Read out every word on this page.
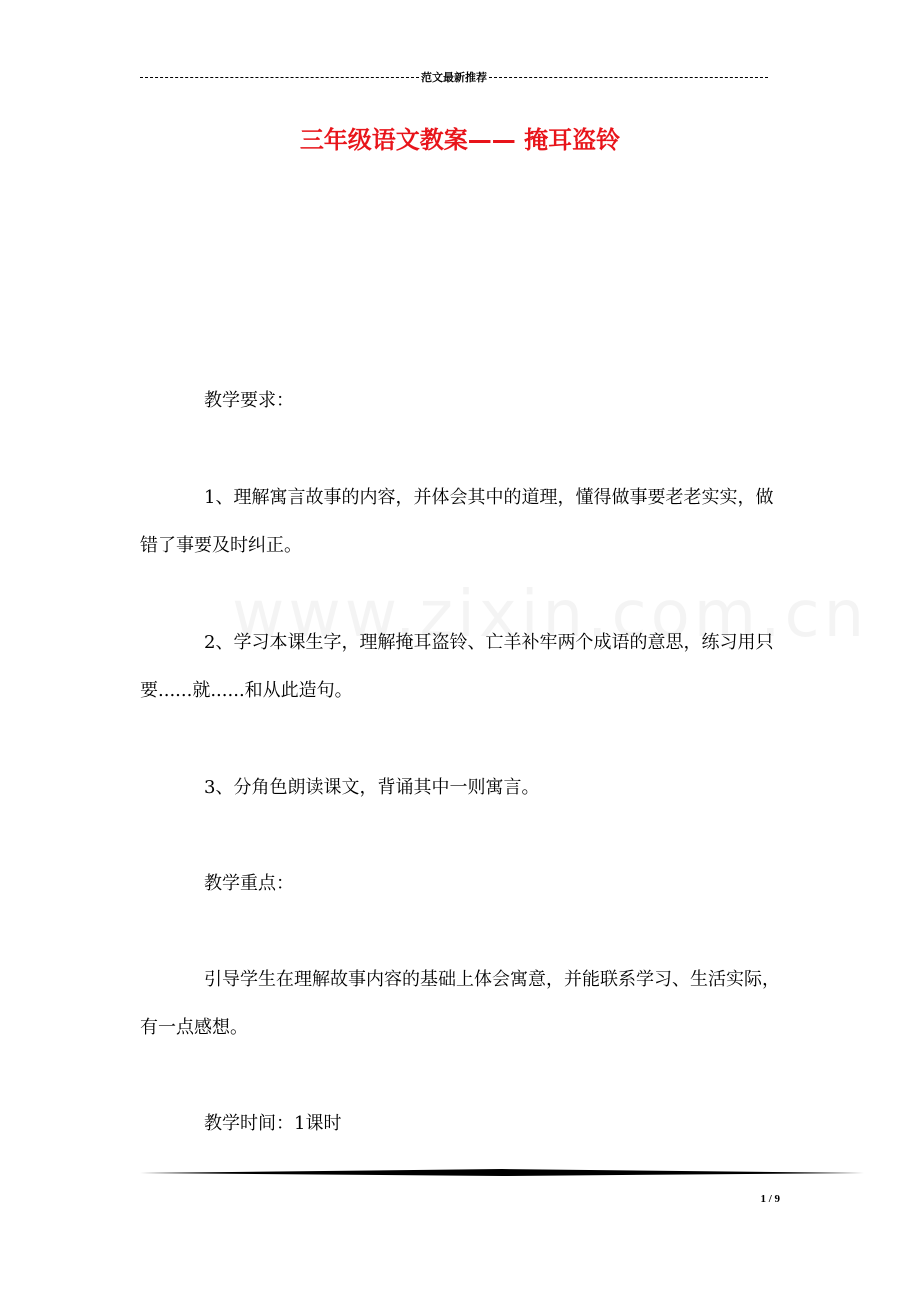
范文最新推荐
三年级语文教案—— 掩耳盗铃

教学要求：

1、理解寓言故事的内容，并体会其中的道理，懂得做事要老老实实，做错了事要及时纠正。

2、学习本课生字，理解掩耳盗铃、亡羊补牢两个成语的意思，练习用只要......就......和从此造句。

3、分角色朗读课文，背诵其中一则寓言。

教学重点：

引导学生在理解故事内容的基础上体会寓意，并能联系学习、生活实际，有一点感想。

教学时间：1课时

1 / 9
